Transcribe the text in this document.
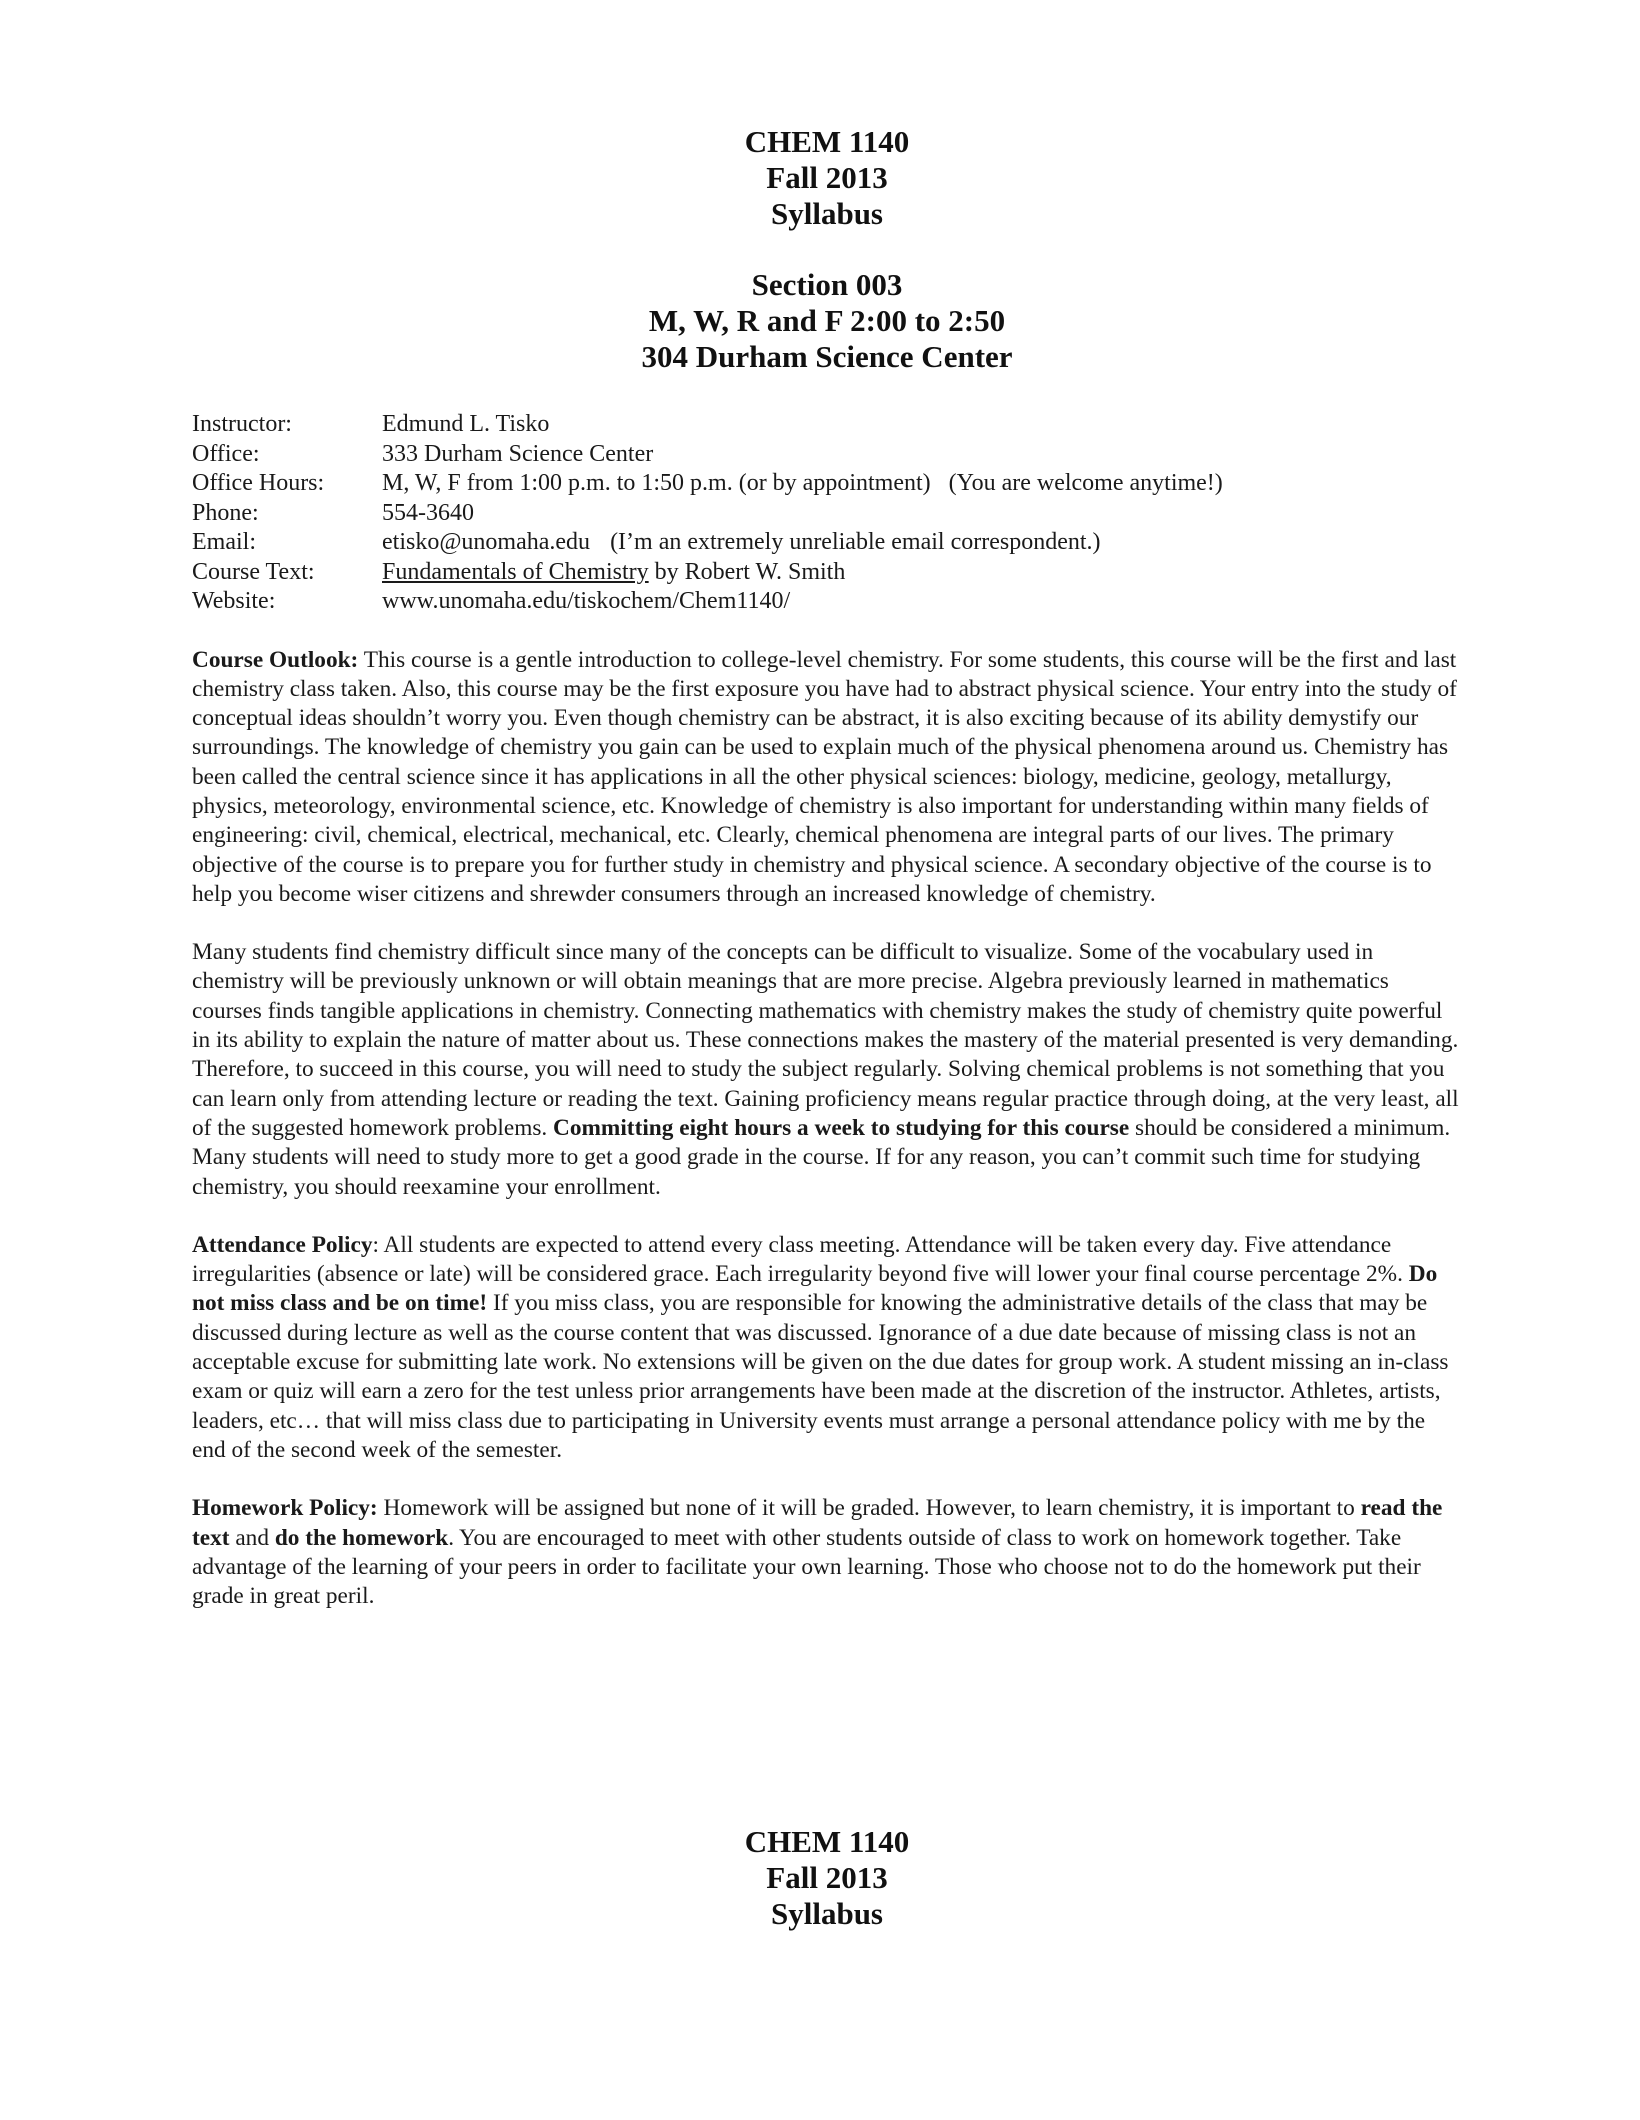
CHEM 1140
Fall 2013
Syllabus
Section 003
M, W, R and F 2:00 to 2:50
304 Durham Science Center
Instructor:	Edmund L. Tisko
Office:	333 Durham Science Center
Office Hours:	M, W, F from 1:00 p.m. to 1:50 p.m. (or by appointment)   (You are welcome anytime!)
Phone:	554-3640
Email:	etisko@unomaha.edu (I’m an extremely unreliable email correspondent.)
Course Text:	Fundamentals of Chemistry by Robert W. Smith
Website:	www.unomaha.edu/tiskochem/Chem1140/

Course Outlook: This course is a gentle introduction to college-level chemistry. For some students, this course will be the first and last chemistry class taken. Also, this course may be the first exposure you have had to abstract physical science. Your entry into the study of conceptual ideas shouldn’t worry you. Even though chemistry can be abstract, it is also exciting because of its ability demystify our surroundings. The knowledge of chemistry you gain can be used to explain much of the physical phenomena around us. Chemistry has been called the central science since it has applications in all the other physical sciences: biology, medicine, geology, metallurgy, physics, meteorology, environmental science, etc. Knowledge of chemistry is also important for understanding within many fields of engineering: civil, chemical, electrical, mechanical, etc. Clearly, chemical phenomena are integral parts of our lives. The primary objective of the course is to prepare you for further study in chemistry and physical science. A secondary objective of the course is to help you become wiser citizens and shrewder consumers through an increased knowledge of chemistry.

Many students find chemistry difficult since many of the concepts can be difficult to visualize. Some of the vocabulary used in chemistry will be previously unknown or will obtain meanings that are more precise. Algebra previously learned in mathematics courses finds tangible applications in chemistry. Connecting mathematics with chemistry makes the study of chemistry quite powerful in its ability to explain the nature of matter about us. These connections makes the mastery of the material presented is very demanding. Therefore, to succeed in this course, you will need to study the subject regularly. Solving chemical problems is not something that you can learn only from attending lecture or reading the text. Gaining proficiency means regular practice through doing, at the very least, all of the suggested homework problems. Committing eight hours a week to studying for this course should be considered a minimum. Many students will need to study more to get a good grade in the course. If for any reason, you can’t commit such time for studying chemistry, you should reexamine your enrollment.

Attendance Policy: All students are expected to attend every class meeting. Attendance will be taken every day. Five attendance irregularities (absence or late) will be considered grace. Each irregularity beyond five will lower your final course percentage 2%. Do not miss class and be on time! If you miss class, you are responsible for knowing the administrative details of the class that may be discussed during lecture as well as the course content that was discussed. Ignorance of a due date because of missing class is not an acceptable excuse for submitting late work. No extensions will be given on the due dates for group work. A student missing an in-class exam or quiz will earn a zero for the test unless prior arrangements have been made at the discretion of the instructor. Athletes, artists, leaders, etc… that will miss class due to participating in University events must arrange a personal attendance policy with me by the end of the second week of the semester.

Homework Policy: Homework will be assigned but none of it will be graded. However, to learn chemistry, it is important to read the text and do the homework. You are encouraged to meet with other students outside of class to work on homework together. Take advantage of the learning of your peers in order to facilitate your own learning. Those who choose not to do the homework put their grade in great peril.

CHEM 1140
Fall 2013
Syllabus
